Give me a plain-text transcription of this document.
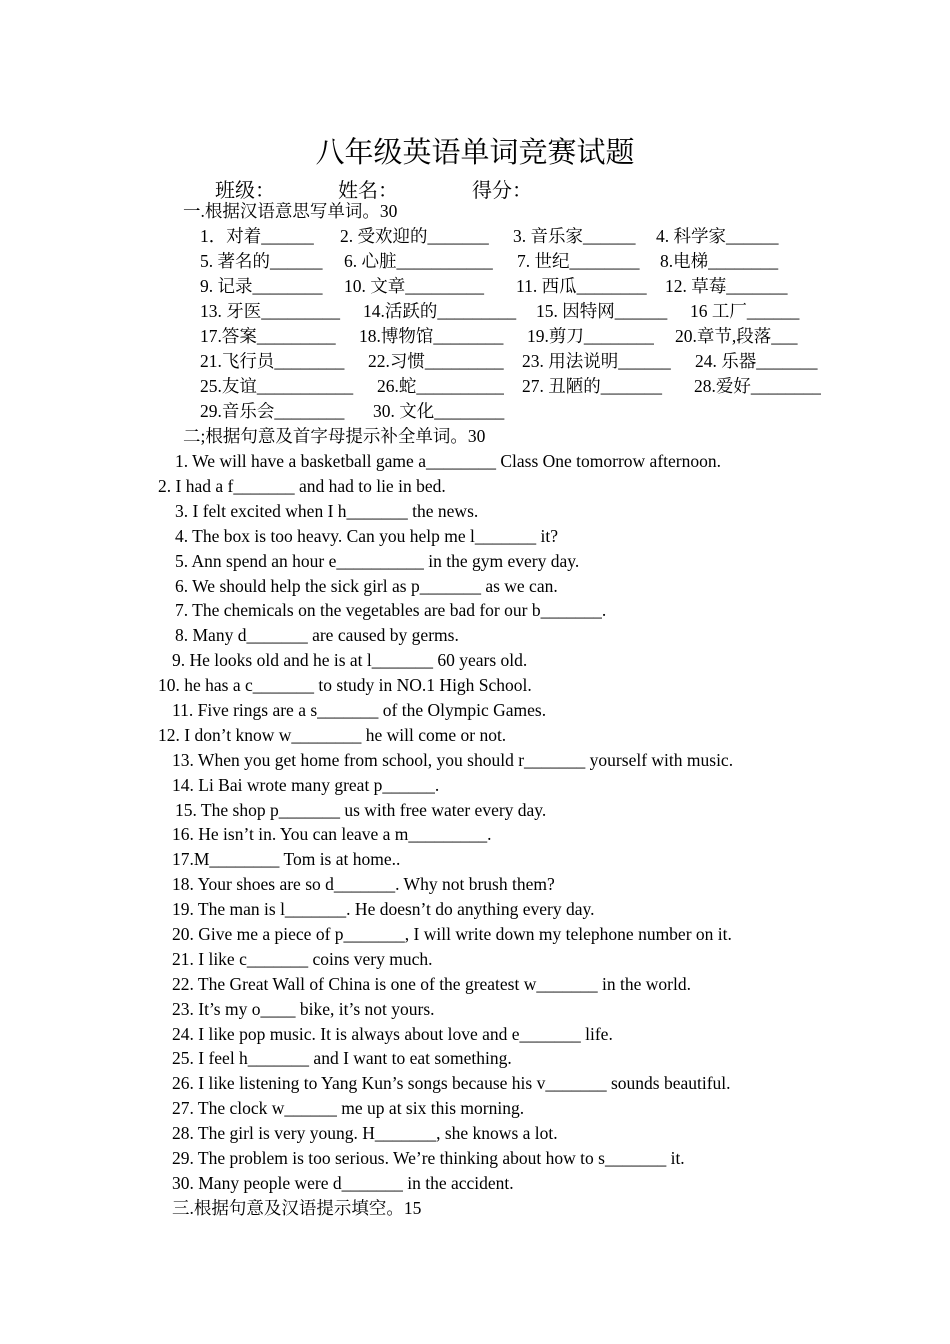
八年级英语单词竞赛试题
班级：	姓名：	得分：
一.根据汉语意思写单词。30
1．对着______ 2. 受欢迎的_______ 3. 音乐家______ 4. 科学家______
5. 著名的______ 6. 心脏___________ 7. 世纪________ 8.电梯________
9. 记录________ 10. 文章_________ 11. 西瓜________ 12. 草莓_______
13. 牙医_________ 14.活跃的_________ 15. 因特网______ 16 工厂______
17.答案_________ 18.博物馆________ 19.剪刀________ 20.章节,段落___
21.飞行员________ 22.习惯_________ 23. 用法说明______ 24. 乐器_______
25.友谊___________ 26.蛇__________ 27. 丑陋的_______ 28.爱好________
29.音乐会________ 30. 文化________
二;根据句意及首字母提示补全单词。30
1. We will have a basketball game a________ Class One tomorrow afternoon.
2. I had a f_______ and had to lie in bed.
3. I felt excited when I h_______ the news.
4. The box is too heavy. Can you help me l_______ it?
5. Ann spend an hour e__________ in the gym every day.
6. We should help the sick girl as p_______ as we can.
7. The chemicals on the vegetables are bad for our b_______.
8. Many d_______ are caused by germs.
9. He looks old and he is at l_______ 60 years old.
10. he has a c_______ to study in NO.1 High School.
11. Five rings are a s_______ of the Olympic Games.
12. I don’t know w________ he will come or not.
13. When you get home from school, you should r_______ yourself with music.
14. Li Bai wrote many great p______.
15. The shop p_______ us with free water every day.
16. He isn’t in. You can leave a m_________.
17.M________ Tom is at home..
18. Your shoes are so d_______. Why not brush them?
19. The man is l_______. He doesn’t do anything every day.
20. Give me a piece of p_______, I will write down my telephone number on it.
21. I like c_______ coins very much.
22. The Great Wall of China is one of the greatest w_______ in the world.
23. It’s my o____ bike, it’s not yours.
24. I like pop music. It is always about love and e_______ life.
25. I feel h_______ and I want to eat something.
26. I like listening to Yang Kun’s songs because his v_______ sounds beautiful.
27. The clock w______ me up at six this morning.
28. The girl is very young. H_______, she knows a lot.
29. The problem is too serious. We’re thinking about how to s_______ it.
30. Many people were d_______ in the accident.
三.根据句意及汉语提示填空。15
